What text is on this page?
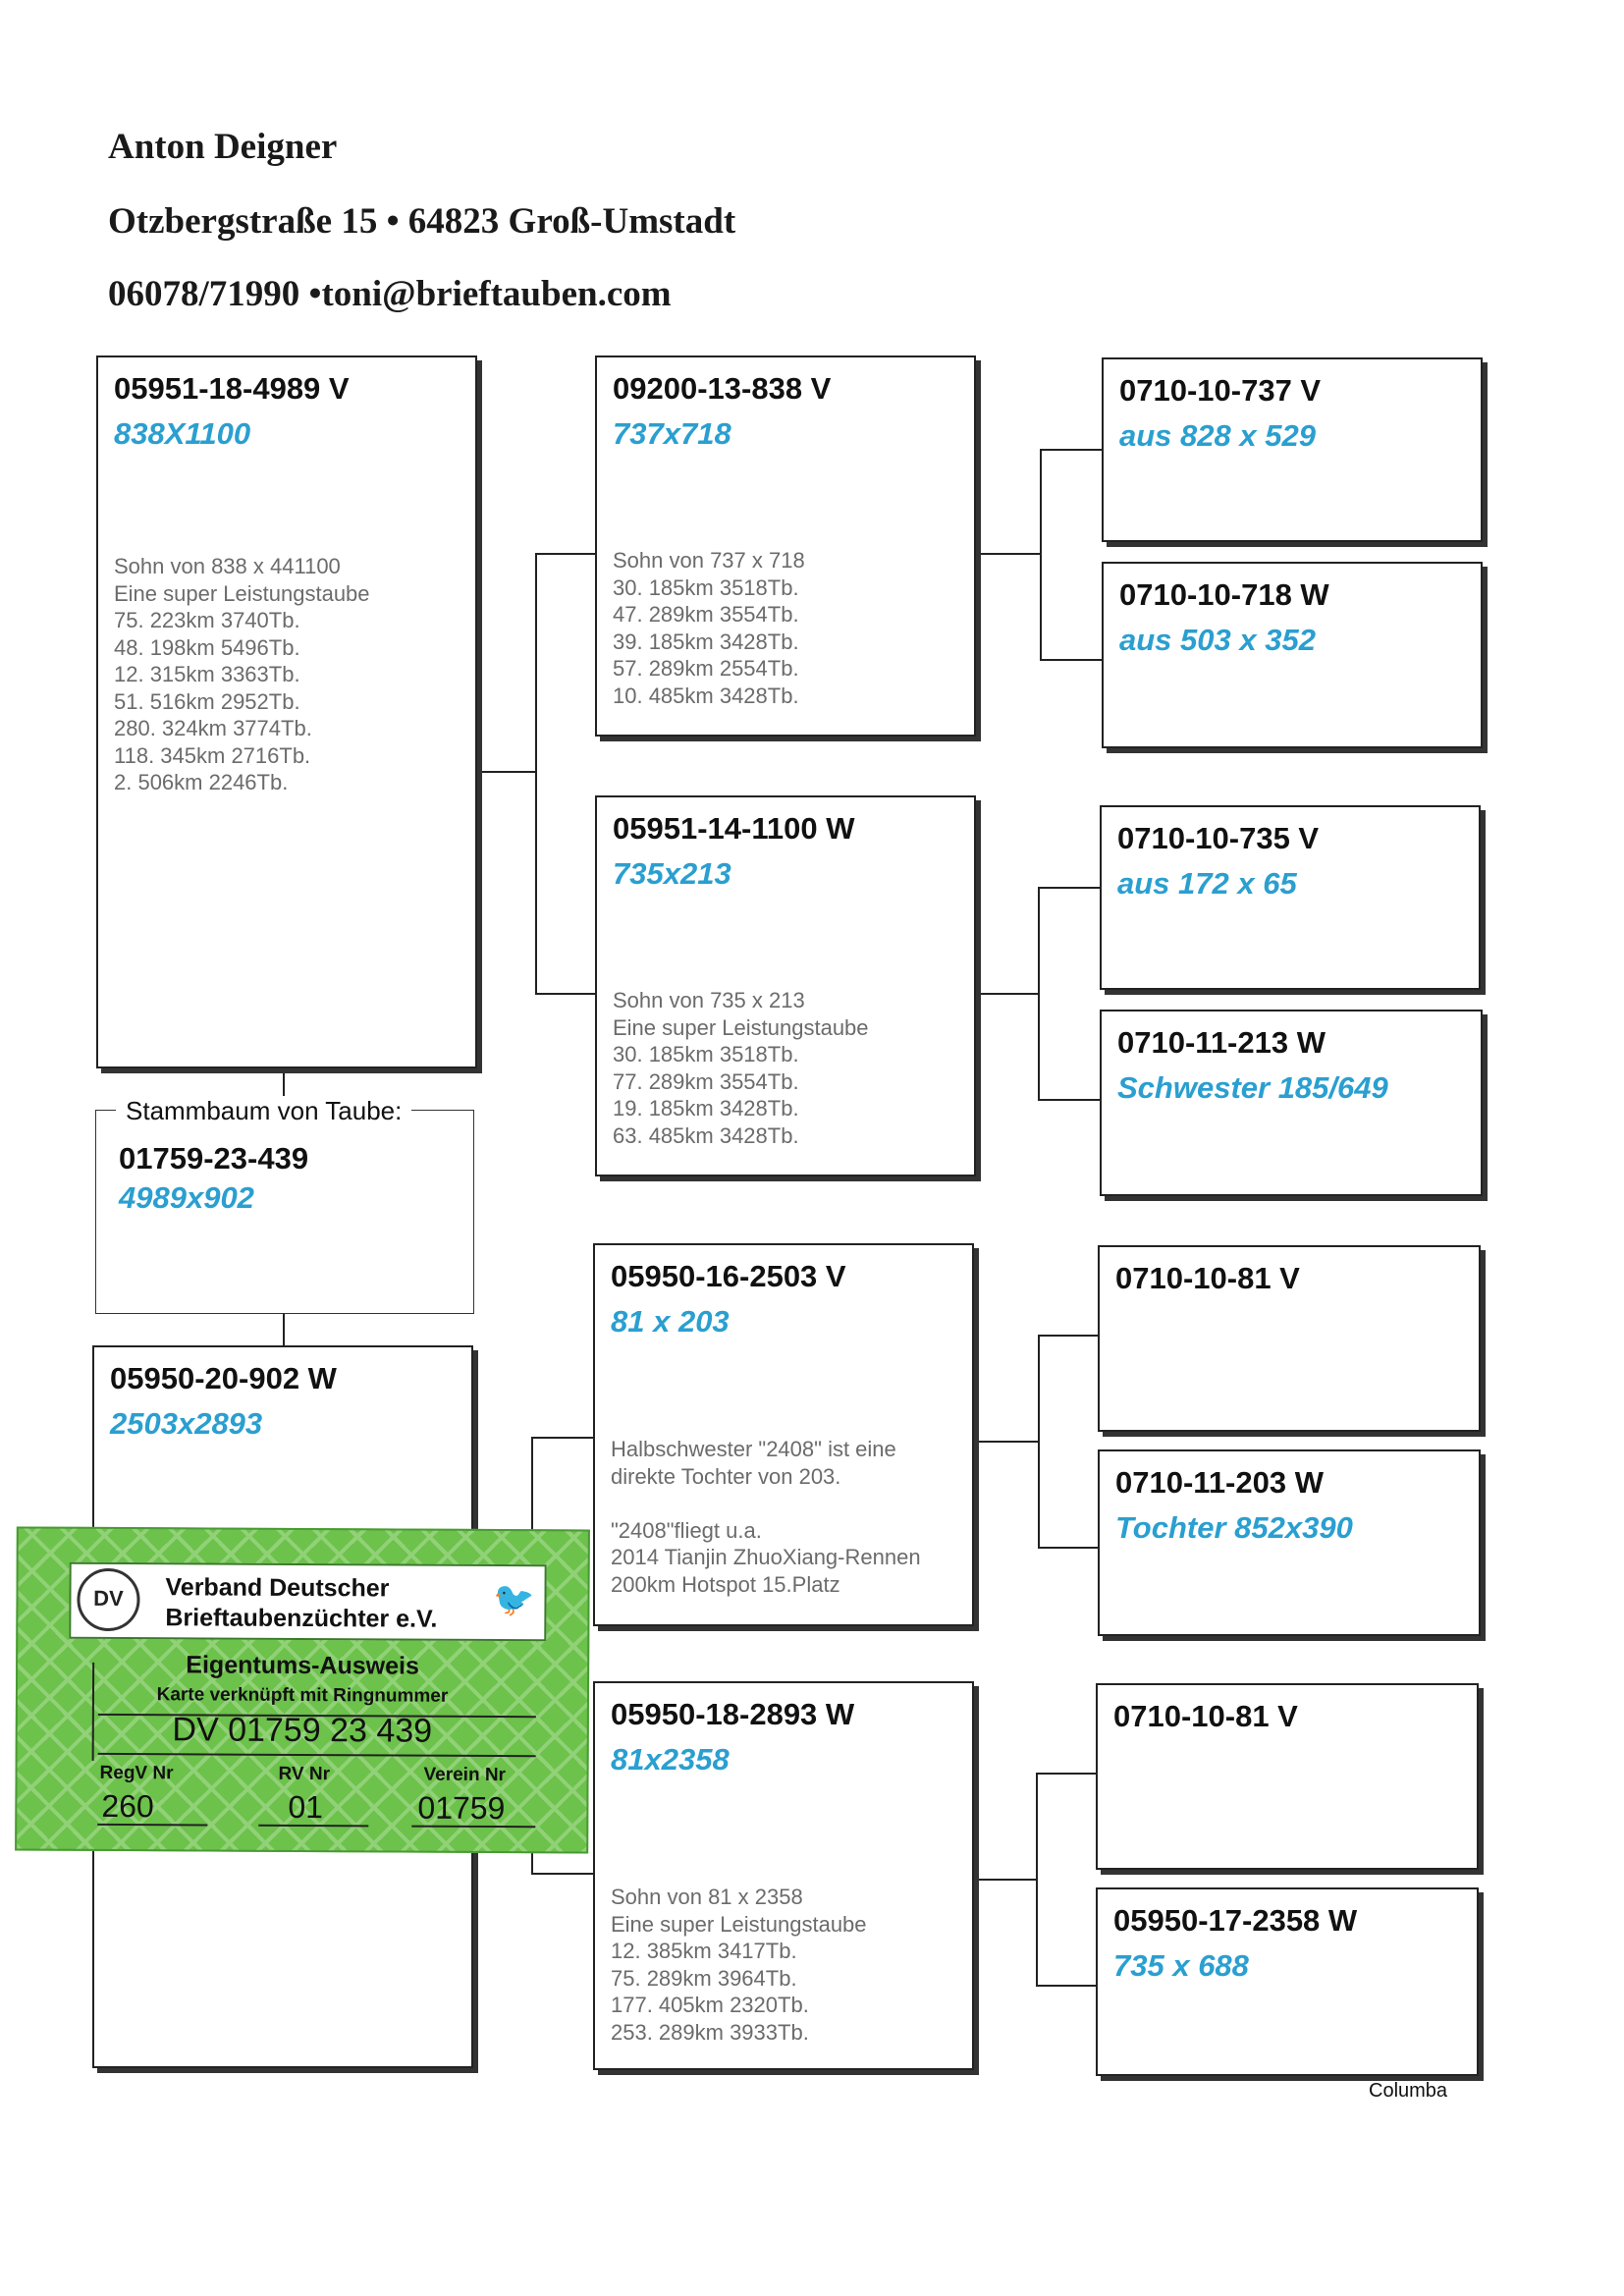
Anton Deigner
Otzbergstraße 15 • 64823 Groß-Umstadt
06078/71990 •toni@brieftauben.com
05951-18-4989 V
838X1100
Sohn von 838 x 441100
Eine super Leistungstaube
75. 223km 3740Tb.
48. 198km 5496Tb.
12. 315km 3363Tb.
51. 516km 2952Tb.
280. 324km 3774Tb.
118. 345km 2716Tb.
2. 506km 2246Tb.
Stammbaum von Taube:
01759-23-439
4989x902
05950-20-902 W
2503x2893
09200-13-838 V
737x718
Sohn von 737 x 718
30. 185km 3518Tb.
47. 289km 3554Tb.
39. 185km 3428Tb.
57. 289km 2554Tb.
10. 485km 3428Tb.
05951-14-1100 W
735x213
Sohn von 735 x 213
Eine super Leistungstaube
30. 185km 3518Tb.
77. 289km 3554Tb.
19. 185km 3428Tb.
63. 485km 3428Tb.
05950-16-2503 V
81 x 203
Halbschwester "2408" ist eine
direkte Tochter von 203.
"2408"fliegt u.a.
2014 Tianjin ZhuoXiang-Rennen
200km Hotspot 15.Platz
05950-18-2893 W
81x2358
Sohn von 81 x 2358
Eine super Leistungstaube
12. 385km 3417Tb.
75. 289km 3964Tb.
177. 405km 2320Tb.
253. 289km 3933Tb.
0710-10-737 V
aus 828 x 529
0710-10-718 W
aus 503 x 352
0710-10-735 V
aus 172 x 65
0710-11-213 W
Schwester 185/649
0710-10-81 V
0710-11-203 W
Tochter 852x390
0710-10-81 V
05950-17-2358 W
735 x 688
DV	Verband Deutscher
Brieftaubenzüchter e.V. 🐦
Eigentums-Ausweis
Karte verknüpft mit Ringnummer
DV 01759 23 439
RegV Nr	RV Nr	Verein Nr
260	01	01759
Columba
